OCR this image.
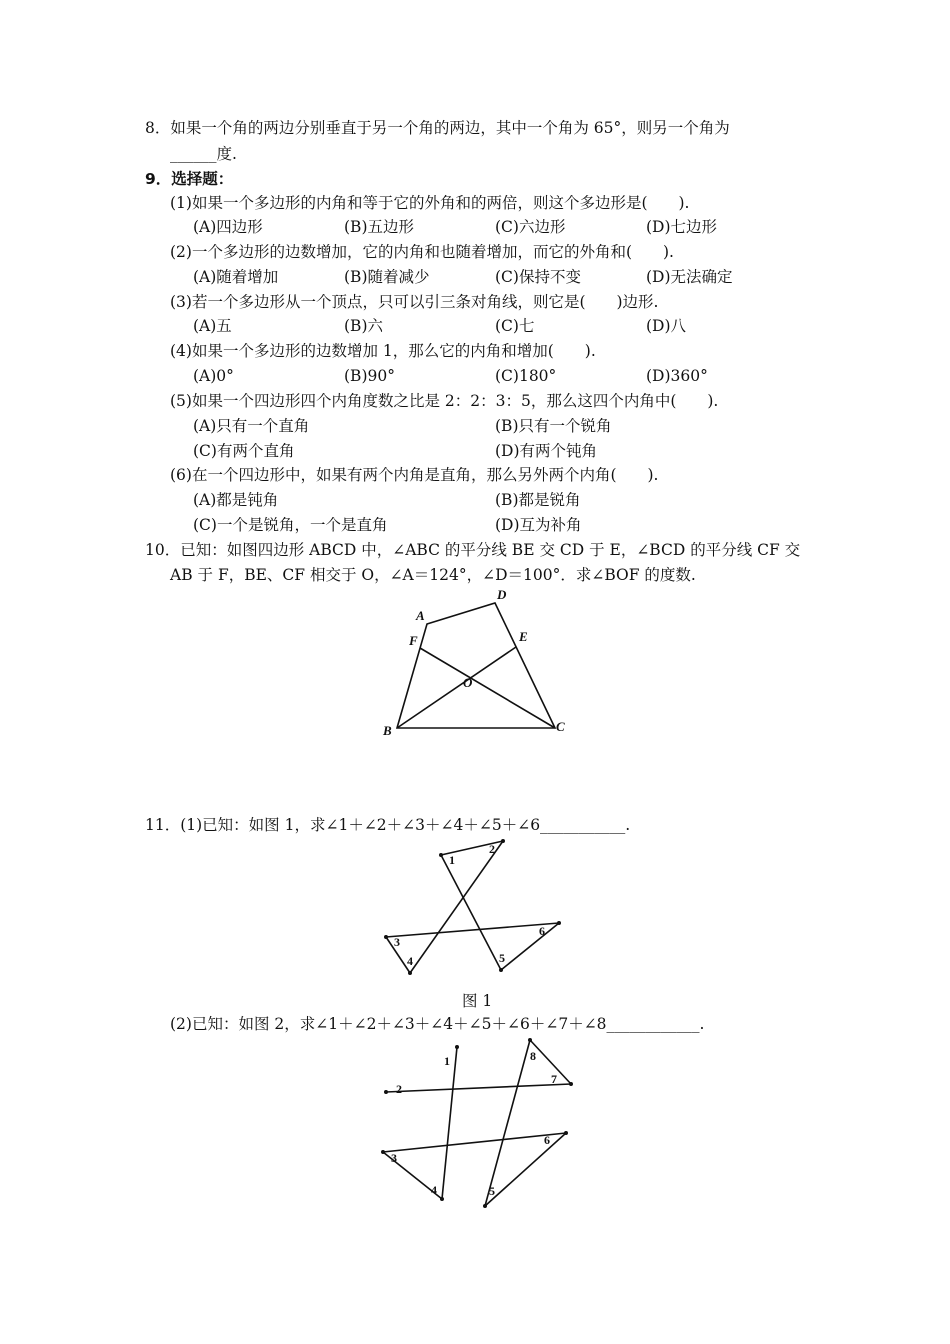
8．如果一个角的两边分别垂直于另一个角的两边，其中一个角为 65°，则另一个角为
______度.
9．选择题：
(1)如果一个多边形的内角和等于它的外角和的两倍，则这个多边形是(　　).
(A)四边形	(B)五边形	(C)六边形	(D)七边形
(2)一个多边形的边数增加，它的内角和也随着增加，而它的外角和(　　).
(A)随着增加	(B)随着减少	(C)保持不变	(D)无法确定
(3)若一个多边形从一个顶点，只可以引三条对角线，则它是(　　)边形.
(A)五	(B)六	(C)七	(D)八
(4)如果一个多边形的边数增加 1，那么它的内角和增加(　　).
(A)0°	(B)90°	(C)180°	(D)360°
(5)如果一个四边形四个内角度数之比是 2：2：3：5，那么这四个内角中(　　).
(A)只有一个直角	(B)只有一个锐角
(C)有两个直角	(D)有两个钝角
(6)在一个四边形中，如果有两个内角是直角，那么另外两个内角(　　).
(A)都是钝角	(B)都是锐角
(C)一个是锐角，一个是直角	(D)互为补角
10．已知：如图四边形 ABCD 中，∠ABC 的平分线 BE 交 CD 于 E，∠BCD 的平分线 CF 交
AB 于 F，BE、CF 相交于 O，∠A＝124°，∠D＝100°．求∠BOF 的度数.
A
D
E
F
O
B	C
1
2
3
4	5
6
1
2
3
4	5
6
7
8
11．(1)已知：如图 1，求∠1＋∠2＋∠3＋∠4＋∠5＋∠6___________.
图 1
(2)已知：如图 2，求∠1＋∠2＋∠3＋∠4＋∠5＋∠6＋∠7＋∠8____________.
